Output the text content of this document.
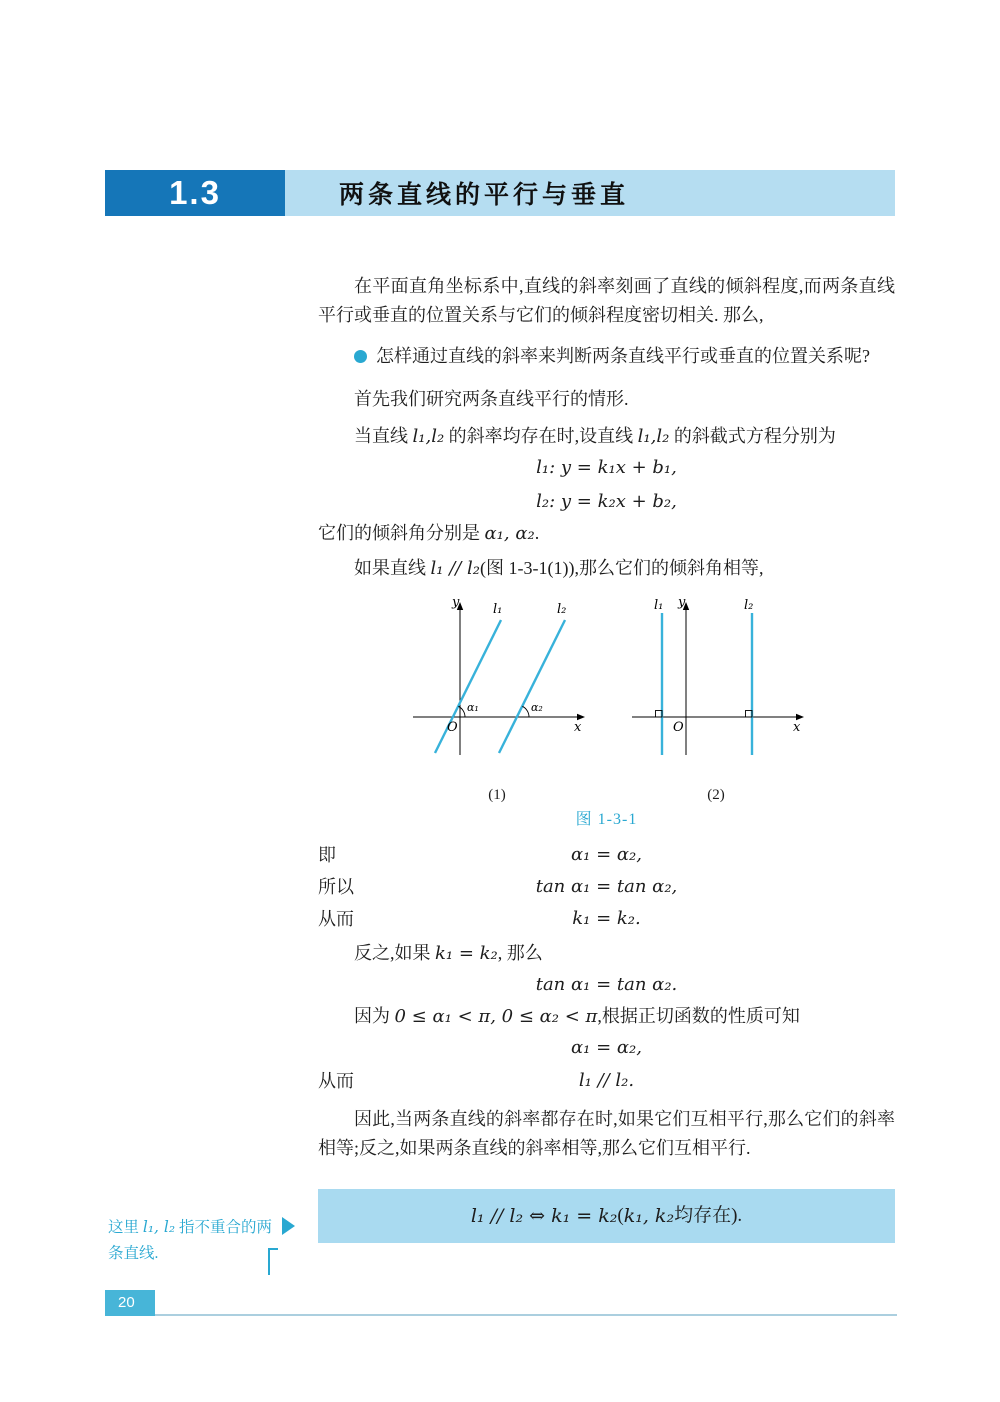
1.3	两条直线的平行与垂直

在平面直角坐标系中,直线的斜率刻画了直线的倾斜程度,而两条直线平行或垂直的位置关系与它们的倾斜程度密切相关. 那么,

怎样通过直线的斜率来判断两条直线平行或垂直的位置关系呢?

首先我们研究两条直线平行的情形.

当直线 l₁,l₂ 的斜率均存在时,设直线 l₁,l₂ 的斜截式方程分别为

l₁: y = k₁x + b₁,
l₂: y = k₂x + b₂,

它们的倾斜角分别是 α₁, α₂.

如果直线 l₁ // l₂(图 1-3-1(1)),那么它们的倾斜角相等,

y	l₁	l₂
α₁	α₂
O	x
y
l₁	l₂
O	x
(1)	(2)
图 1-3-1
即	α₁ = α₂,
所以	tan α₁ = tan α₂,
从而	k₁ = k₂.

反之,如果 k₁ = k₂, 那么

tan α₁ = tan α₂.

因为 0 ≤ α₁ < π, 0 ≤ α₂ < π,根据正切函数的性质可知

α₁ = α₂,
从而	l₁ // l₂.

因此,当两条直线的斜率都存在时,如果它们互相平行,那么它们的斜率相等;反之,如果两条直线的斜率相等,那么它们互相平行.

l₁ // l₂ ⇔ k₁ = k₂ ( k₁, k₂ 均存在).
这里 l₁, l₂ 指不重合的两条直线.
20
